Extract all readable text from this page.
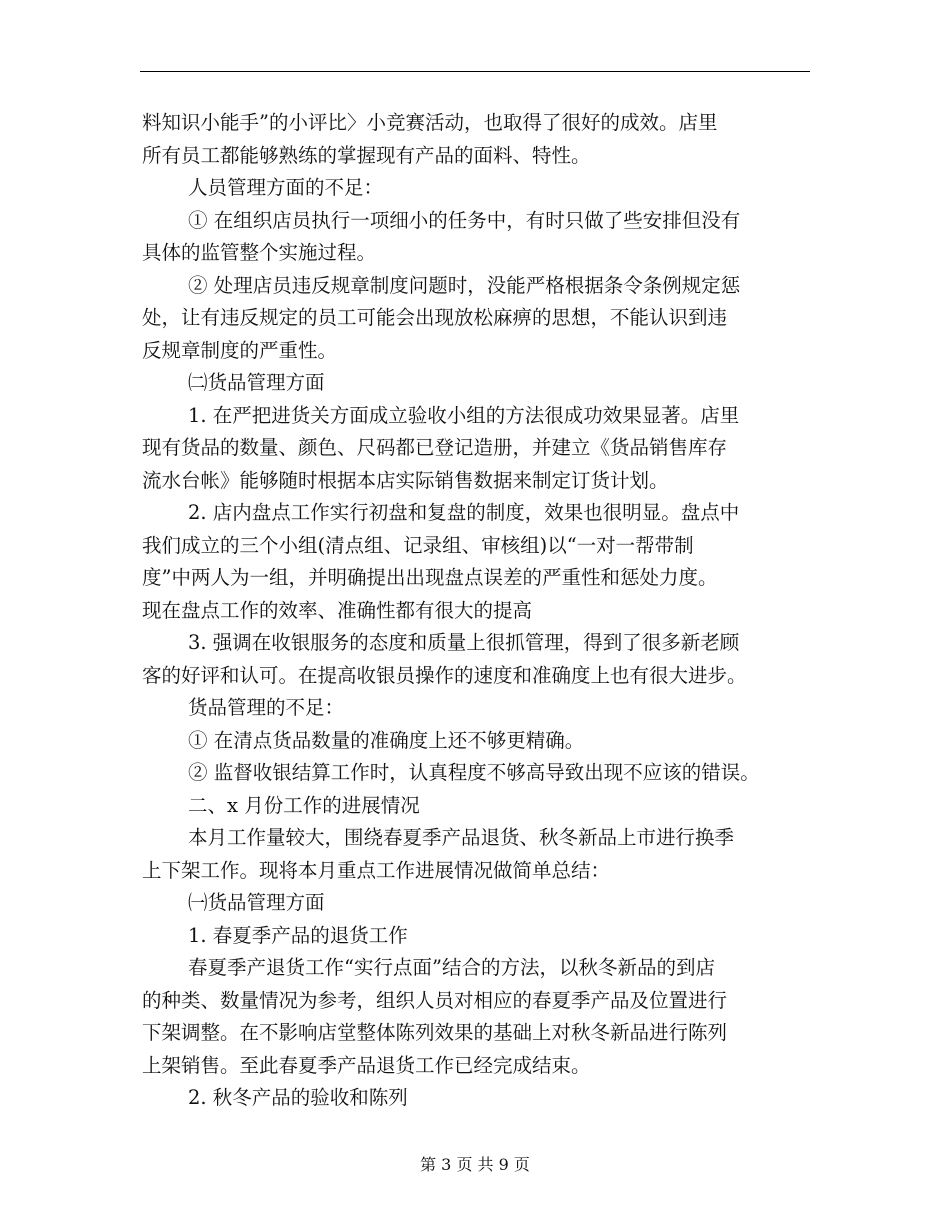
料知识小能手”的小评比〉小竞赛活动，也取得了很好的成效。店里
所有员工都能够熟练的掌握现有产品的面料、特性。
人员管理方面的不足：
① 在组织店员执行一项细小的任务中，有时只做了些安排但没有
具体的监管整个实施过程。
② 处理店员违反规章制度问题时，没能严格根据条令条例规定惩
处，让有违反规定的员工可能会出现放松麻痹的思想，不能认识到违
反规章制度的严重性。
㈡货品管理方面
1. 在严把进货关方面成立验收小组的方法很成功效果显著。店里
现有货品的数量、颜色、尺码都已登记造册，并建立《货品销售库存
流水台帐》能够随时根据本店实际销售数据来制定订货计划。
2. 店内盘点工作实行初盘和复盘的制度，效果也很明显。盘点中
我们成立的三个小组(清点组、记录组、审核组)以“一对一帮带制
度”中两人为一组，并明确提出出现盘点误差的严重性和惩处力度。
现在盘点工作的效率、准确性都有很大的提高
3. 强调在收银服务的态度和质量上很抓管理，得到了很多新老顾
客的好评和认可。在提高收银员操作的速度和准确度上也有很大进步。
货品管理的不足：
① 在清点货品数量的准确度上还不够更精确。
② 监督收银结算工作时，认真程度不够高导致出现不应该的错误。
二、x 月份工作的进展情况
本月工作量较大，围绕春夏季产品退货、秋冬新品上市进行换季
上下架工作。现将本月重点工作进展情况做简单总结：
㈠货品管理方面
1. 春夏季产品的退货工作
春夏季产退货工作“实行点面”结合的方法，以秋冬新品的到店
的种类、数量情况为参考，组织人员对相应的春夏季产品及位置进行
下架调整。在不影响店堂整体陈列效果的基础上对秋冬新品进行陈列
上架销售。至此春夏季产品退货工作已经完成结束。
2. 秋冬产品的验收和陈列
第 3 页 共 9 页
